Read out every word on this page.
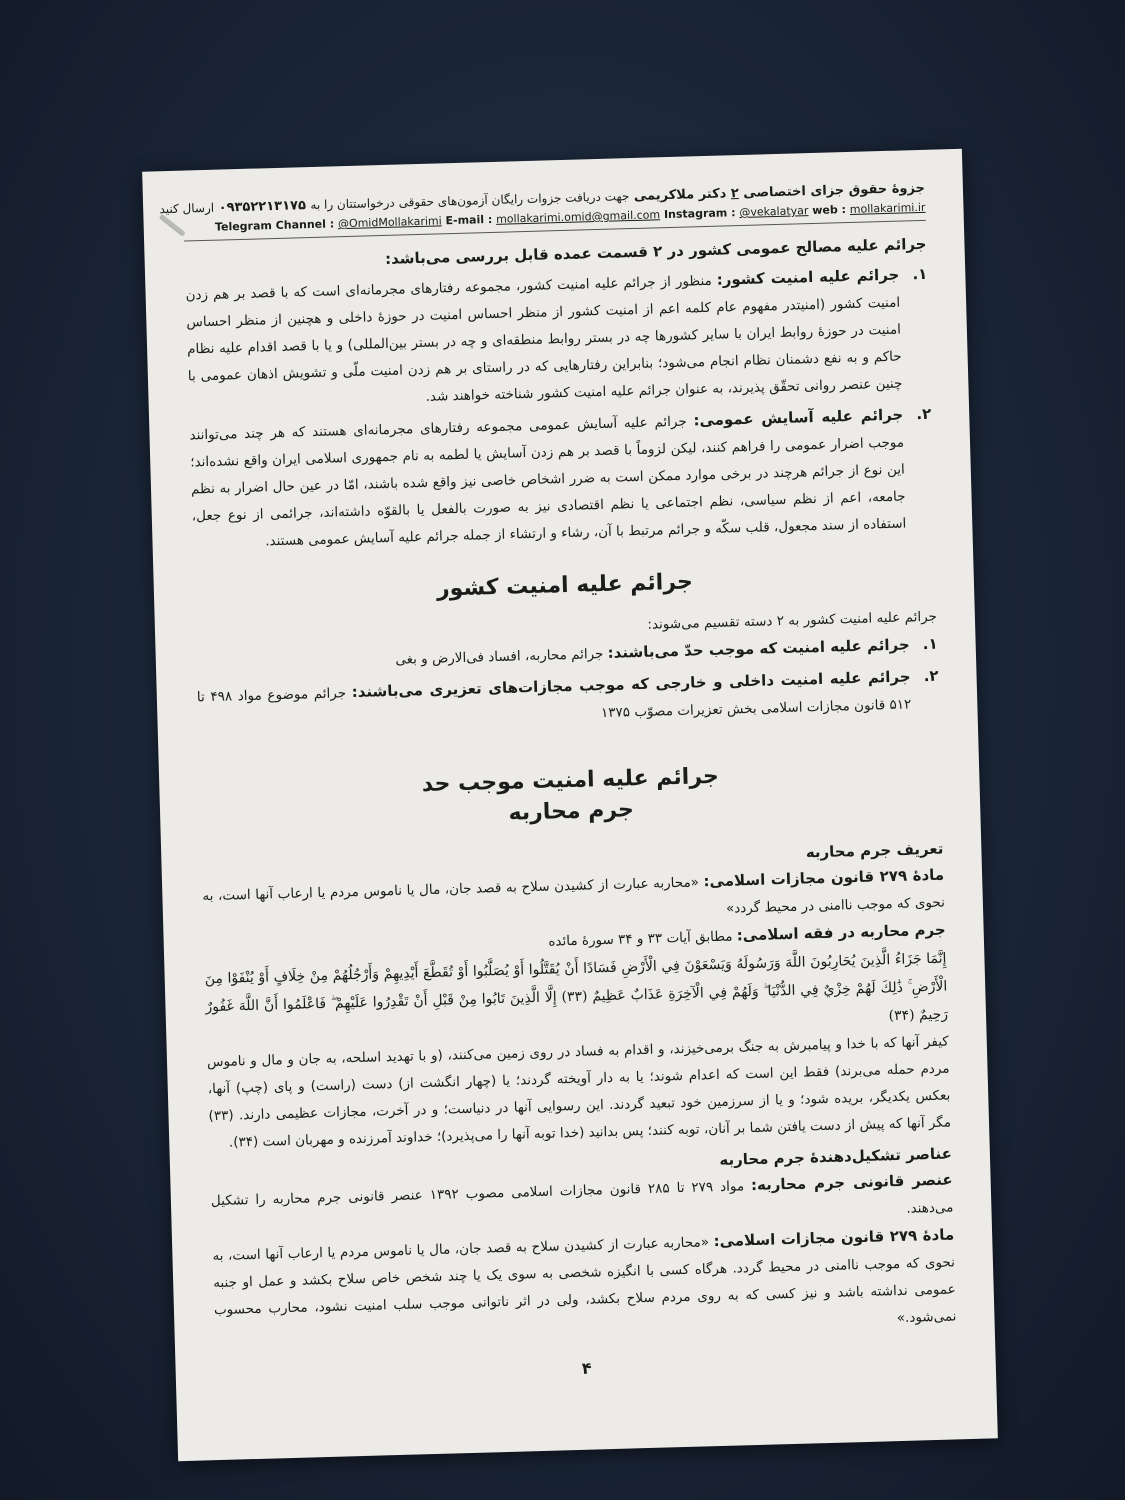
جزوهٔ حقوق جزای اختصاصی ۲ دکتر ملاکریمی جهت دریافت جزوات رایگان آزمون‌های حقوقی درخواستتان را به ۰۹۳۵۲۲۱۳۱۷۵ ارسال کنید
Telegram Channel : @OmidMollakarimi E-mail : mollakarimi.omid@gmail.com Instagram : @vekalatyar web : mollakarimi.ir

جرائم علیه مصالح عمومی کشور در ۲ قسمت عمده قابل بررسی می‌باشد:

۱.
جرائم علیه امنیت کشور: منظور از جرائم علیه امنیت کشور، مجموعه رفتارهای مجرمانه‌ای است که با قصد بر هم زدن امنیت کشور (امنیتدر مفهوم عام کلمه اعم از امنیت کشور از منظر احساس امنیت در حوزهٔ داخلی و هچنین از منظر احساس امنیت در حوزهٔ روابط ایران با سایر کشورها چه در بستر روابط منطقه‌ای و چه در بستر بین‌المللی) و یا با قصد اقدام علیه نظام حاکم و به نفع دشمنان نظام انجام می‌شود؛ بنابراین رفتارهایی که در راستای بر هم زدن امنیت ملّی و تشویش اذهان عمومی با چنین عنصر روانی تحقّق پذیرند، به عنوان جرائم علیه امنیت کشور شناخته خواهند شد.
۲.
جرائم علیه آسایش عمومی: جرائم علیه آسایش عمومی مجموعه رفتارهای مجرمانه‌ای هستند که هر چند می‌توانند موجب اضرار عمومی را فراهم کنند، لیکن لزوماً با قصد بر هم زدن آسایش یا لطمه به نام جمهوری اسلامی ایران واقع نشده‌اند؛ این نوع از جرائم هرچند در برخی موارد ممکن است به ضرر اشخاص خاصی نیز واقع شده باشند، امّا در عین حال اضرار به نظم جامعه، اعم از نظم سیاسی، نظم اجتماعی یا نظم اقتصادی نیز به صورت بالفعل یا بالقوّه داشته‌اند، جرائمی از نوع جعل، استفاده از سند مجعول، قلب سکّه و جرائم مرتبط با آن، رشاء و ارتشاء از جمله جرائم علیه آسایش عمومی هستند.
جرائم علیه امنیت کشور

جرائم علیه امنیت کشور به ۲ دسته تقسیم می‌شوند:

۱.
جرائم علیه امنیت که موجب حدّ می‌باشند: جرائم محاربه، افساد فی‌الارض و بغی
۲.
جرائم علیه امنیت داخلی و خارجی که موجب مجازات‌های تعزیری می‌باشند: جرائم موضوع مواد ۴۹۸ تا ۵۱۲ قانون مجازات اسلامی بخش تعزیرات مصوّب ۱۳۷۵
جرائم علیه امنیت موجب حد
جرم محاربه

تعریف جرم محاربه

مادهٔ ۲۷۹ قانون مجازات اسلامی: «محاربه عبارت از کشیدن سلاح به قصد جان، مال یا ناموس مردم یا ارعاب آنها است، به نحوی که موجب ناامنی در محیط گردد»

جرم محاربه در فقه اسلامی: مطابق آیات ۳۳ و ۳۴ سورهٔ مائده

إِنَّمَا جَزَاءُ الَّذِينَ يُحَارِبُونَ اللَّهَ وَرَسُولَهُ وَيَسْعَوْنَ فِي الْأَرْضِ فَسَادًا أَنْ يُقَتَّلُوا أَوْ يُصَلَّبُوا أَوْ تُقَطَّعَ أَيْدِيهِمْ وَأَرْجُلُهُمْ مِنْ خِلَافٍ أَوْ يُنْفَوْا مِنَ الْأَرْضِ ۚ ذَٰلِكَ لَهُمْ خِزْيٌ فِي الدُّنْيَا ۖ وَلَهُمْ فِي الْآخِرَةِ عَذَابٌ عَظِيمٌ (۳۳) إِلَّا الَّذِينَ تَابُوا مِنْ قَبْلِ أَنْ تَقْدِرُوا عَلَيْهِمْ ۖ فَاعْلَمُوا أَنَّ اللَّهَ غَفُورٌ رَحِيمٌ (۳۴)

کیفر آنها که با خدا و پیامبرش به جنگ برمی‌خیزند، و اقدام به فساد در روی زمین می‌کنند، (و با تهدید اسلحه، به جان و مال و ناموس مردم حمله می‌برند) فقط این است که اعدام شوند؛ یا به دار آویخته گردند؛ یا (چهار انگشت از) دست (راست) و پای (چپ) آنها، بعکس یکدیگر، بریده شود؛ و یا از سرزمین خود تبعید گردند. این رسوایی آنها در دنیاست؛ و در آخرت، مجازات عظیمی دارند. (۳۳) مگر آنها که پیش از دست یافتن شما بر آنان، توبه کنند؛ پس بدانید (خدا توبه آنها را می‌پذیرد)؛ خداوند آمرزنده و مهربان است (۳۴).

عناصر تشکیل‌دهندهٔ جرم محاربه

عنصر قانونی جرم محاربه: مواد ۲۷۹ تا ۲۸۵ قانون مجازات اسلامی مصوب ۱۳۹۲ عنصر قانونی جرم محاربه را تشکیل می‌دهند.

مادهٔ ۲۷۹ قانون مجازات اسلامی: «محاربه عبارت از کشیدن سلاح به قصد جان، مال یا ناموس مردم یا ارعاب آنها است، به نحوی که موجب ناامنی در محیط گردد. هرگاه کسی با انگیزه شخصی به سوی یک یا چند شخص خاص سلاح بکشد و عمل او جنبه عمومی نداشته باشد و نیز کسی که به روی مردم سلاح بکشد، ولی در اثر ناتوانی موجب سلب امنیت نشود، محارب محسوب نمی‌شود.»

۴
